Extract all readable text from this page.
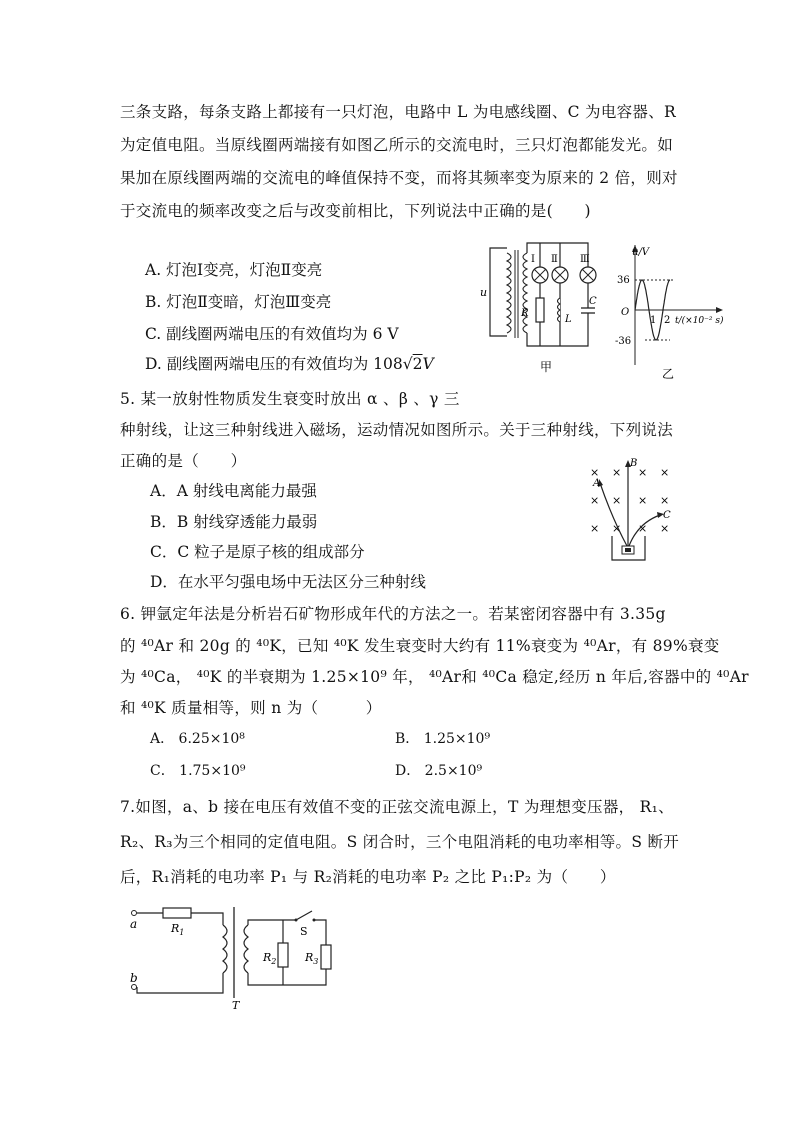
三条支路，每条支路上都接有一只灯泡，电路中 L 为电感线圈、C 为电容器、R
为定值电阻。当原线圈两端接有如图乙所示的交流电时，三只灯泡都能发光。如
果加在原线圈两端的交流电的峰值保持不变，而将其频率变为原来的 2 倍，则对
于交流电的频率改变之后与改变前相比，下列说法中正确的是(　　)
A. 灯泡Ⅰ变亮，灯泡Ⅱ变亮
B. 灯泡Ⅱ变暗，灯泡Ⅲ变亮
C. 副线圈两端电压的有效值均为 6 V
D. 副线圈两端电压的有效值均为 108√2V
u
Ⅰ Ⅱ Ⅲ
R
L
C
甲
u/V
t/(×10⁻² s)
36
-36
O
1 2
乙
5. 某一放射性物质发生衰变时放出 α 、β 、γ 三
种射线，让这三种射线进入磁场，运动情况如图所示。关于三种射线，下列说法
正确的是（　　）
A．A 射线电离能力最强
B．B 射线穿透能力最弱
C．C 粒子是原子核的组成部分
D．在水平匀强电场中无法区分三种射线
× × × ×
× × × ×
× × × ×
B
A
C
6. 钾氩定年法是分析岩石矿物形成年代的方法之一。若某密闭容器中有 3.35g
的 ⁴⁰Ar 和 20g 的 ⁴⁰K，已知 ⁴⁰K 发生衰变时大约有 11%衰变为 ⁴⁰Ar，有 89%衰变
为 ⁴⁰Ca， ⁴⁰K 的半衰期为 1.25×10⁹ 年， ⁴⁰Ar和 ⁴⁰Ca 稳定,经历 n 年后,容器中的 ⁴⁰Ar
和 ⁴⁰K 质量相等，则 n 为（　　　）
A． 6.25×10⁸	B． 1.25×10⁹
C． 1.75×10⁹	D． 2.5×10⁹
7.如图，a、b 接在电压有效值不变的正弦交流电源上，T 为理想变压器， R₁、
R₂、R₃为三个相同的定值电阻。S 闭合时，三个电阻消耗的电功率相等。S 断开
后，R₁消耗的电功率 P₁ 与 R₂消耗的电功率 P₂ 之比 P₁:P₂ 为（　　）
a
b
$R_1$
T
S
$R_2$	$R_3$
